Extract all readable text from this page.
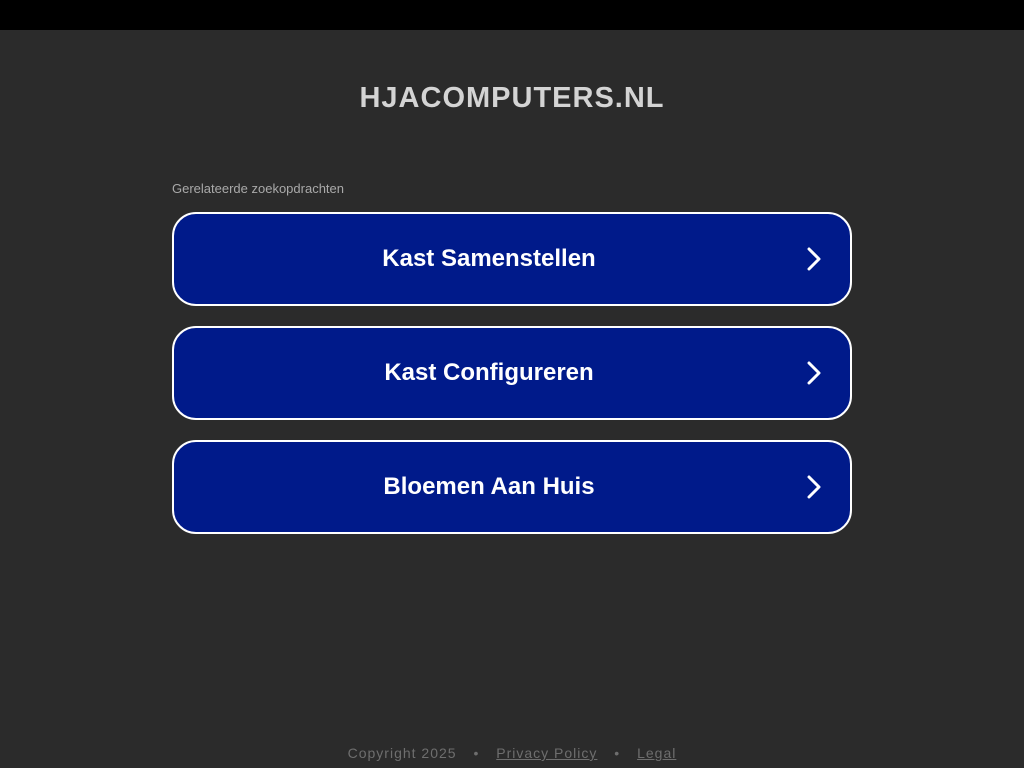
HJACOMPUTERS.NL
Gerelateerde zoekopdrachten
Kast Samenstellen
Kast Configureren
Bloemen Aan Huis
Copyright 2025 • Privacy Policy • Legal
